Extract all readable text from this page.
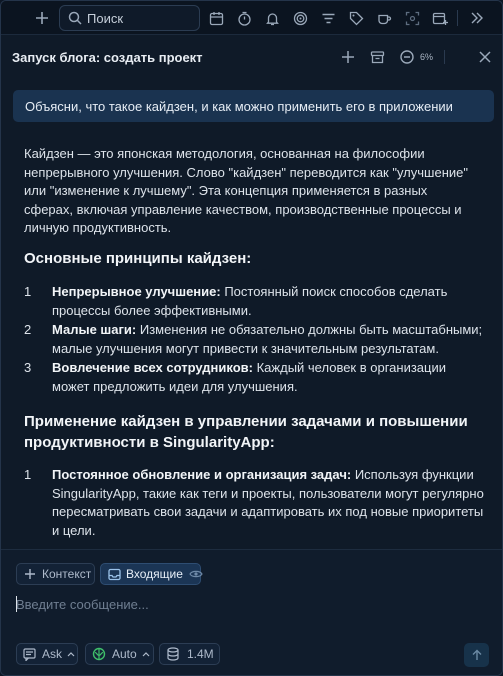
Поиск
Запуск блога: создать проект	6%
Объясни, что такое кайдзен, и как можно применить его в приложении
Кайдзен — это японская методология, основанная на философии непрерывного улучшения. Слово "кайдзен" переводится как "улучшение" или "изменение к лучшему". Эта концепция применяется в разных сферах, включая управление качеством, производственные процессы и личную продуктивность.
Основные принципы кайдзен:
1 Непрерывное улучшение: Постоянный поиск способов сделать процессы более эффективными.
2 Малые шаги: Изменения не обязательно должны быть масштабными; малые улучшения могут привести к значительным результатам.
3 Вовлечение всех сотрудников: Каждый человек в организации может предложить идеи для улучшения.
Применение кайдзен в управлении задачами и повышении продуктивности в SingularityApp:
1 Постоянное обновление и организация задач: Используя функции SingularityApp, такие как теги и проекты, пользователи могут регулярно пересматривать свои задачи и адаптировать их под новые приоритеты и цели.
Контекст	Входящие
Введите сообщение...
Ask	Auto	1.4M
